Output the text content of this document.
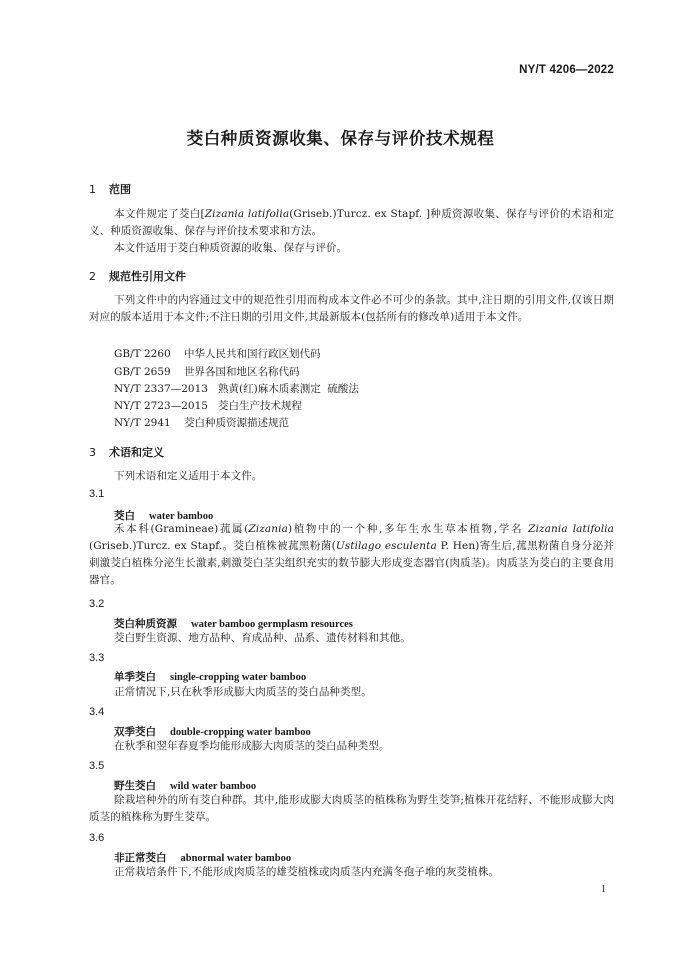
NY/T 4206—2022
茭白种质资源收集、保存与评价技术规程
1 范围

本文件规定了茭白[Zizania latifolia(Griseb.)Turcz. ex Stapf. ]种质资源收集、保存与评价的术语和定义、种质资源收集、保存与评价技术要求和方法。

本文件适用于茭白种质资源的收集、保存与评价。

2 规范性引用文件

下列文件中的内容通过文中的规范性引用而构成本文件必不可少的条款。其中,注日期的引用文件,仅该日期对应的版本适用于本文件;不注日期的引用文件,其最新版本(包括所有的修改单)适用于本文件。

GB/T 2260 中华人民共和国行政区划代码
GB/T 2659 世界各国和地区名称代码
NY/T 2337—2013 熟黄(红)麻木质素测定  硫酸法
NY/T 2723—2015 茭白生产技术规程
NY/T 2941 茭白种质资源描述规范
3 术语和定义

下列术语和定义适用于本文件。

3.1
茭白 water bamboo

禾本科(Gramineae)菰属(Zizania)植物中的一个种,多年生水生草本植物,学名 Zizania latifolia (Griseb.)Turcz. ex Stapf.。茭白植株被菰黑粉菌(Ustilago esculenta P. Hen)寄生后,菰黑粉菌自身分泌并刺激茭白植株分泌生长激素,刺激茭白茎尖组织充实的数节膨大形成变态器官(肉质茎)。肉质茎为茭白的主要食用器官。

3.2
茭白种质资源 water bamboo germplasm resources

茭白野生资源、地方品种、育成品种、品系、遗传材料和其他。

3.3
单季茭白 single-cropping water bamboo

正常情况下,只在秋季形成膨大肉质茎的茭白品种类型。

3.4
双季茭白 double-cropping water bamboo

在秋季和翌年春夏季均能形成膨大肉质茎的茭白品种类型。

3.5
野生茭白 wild water bamboo

除栽培种外的所有茭白种群。其中,能形成膨大肉质茎的植株称为野生茭笋;植株开花结籽、不能形成膨大肉质茎的植株称为野生茭草。

3.6
非正常茭白 abnormal water bamboo

正常栽培条件下,不能形成肉质茎的雄茭植株或肉质茎内充满冬孢子堆的灰茭植株。

1
